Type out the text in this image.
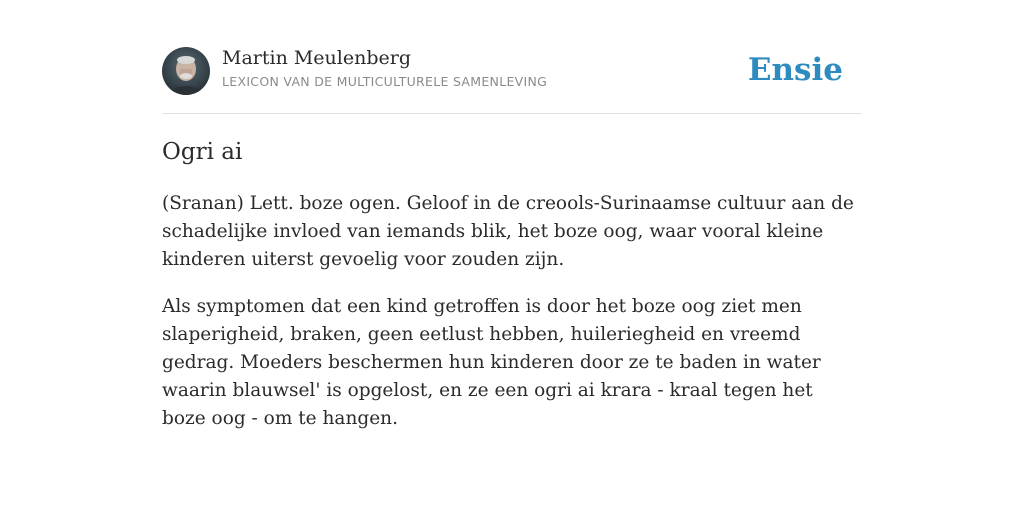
Martin Meulenberg
LEXICON VAN DE MULTICULTURELE SAMENLEVING	Ensie
Ogri ai

(Sranan) Lett. boze ogen. Geloof in de creools-Surinaamse cultuur aan de schadelijke invloed van iemands blik, het boze oog, waar vooral kleine kinderen uiterst gevoelig voor zouden zijn.

Als symptomen dat een kind getroffen is door het boze oog ziet men slaperigheid, braken, geen eetlust hebben, huileriegheid en vreemd gedrag. Moeders beschermen hun kinderen door ze te baden in water waarin blauwsel' is opgelost, en ze een ogri ai krara - kraal tegen het boze oog - om te hangen.
